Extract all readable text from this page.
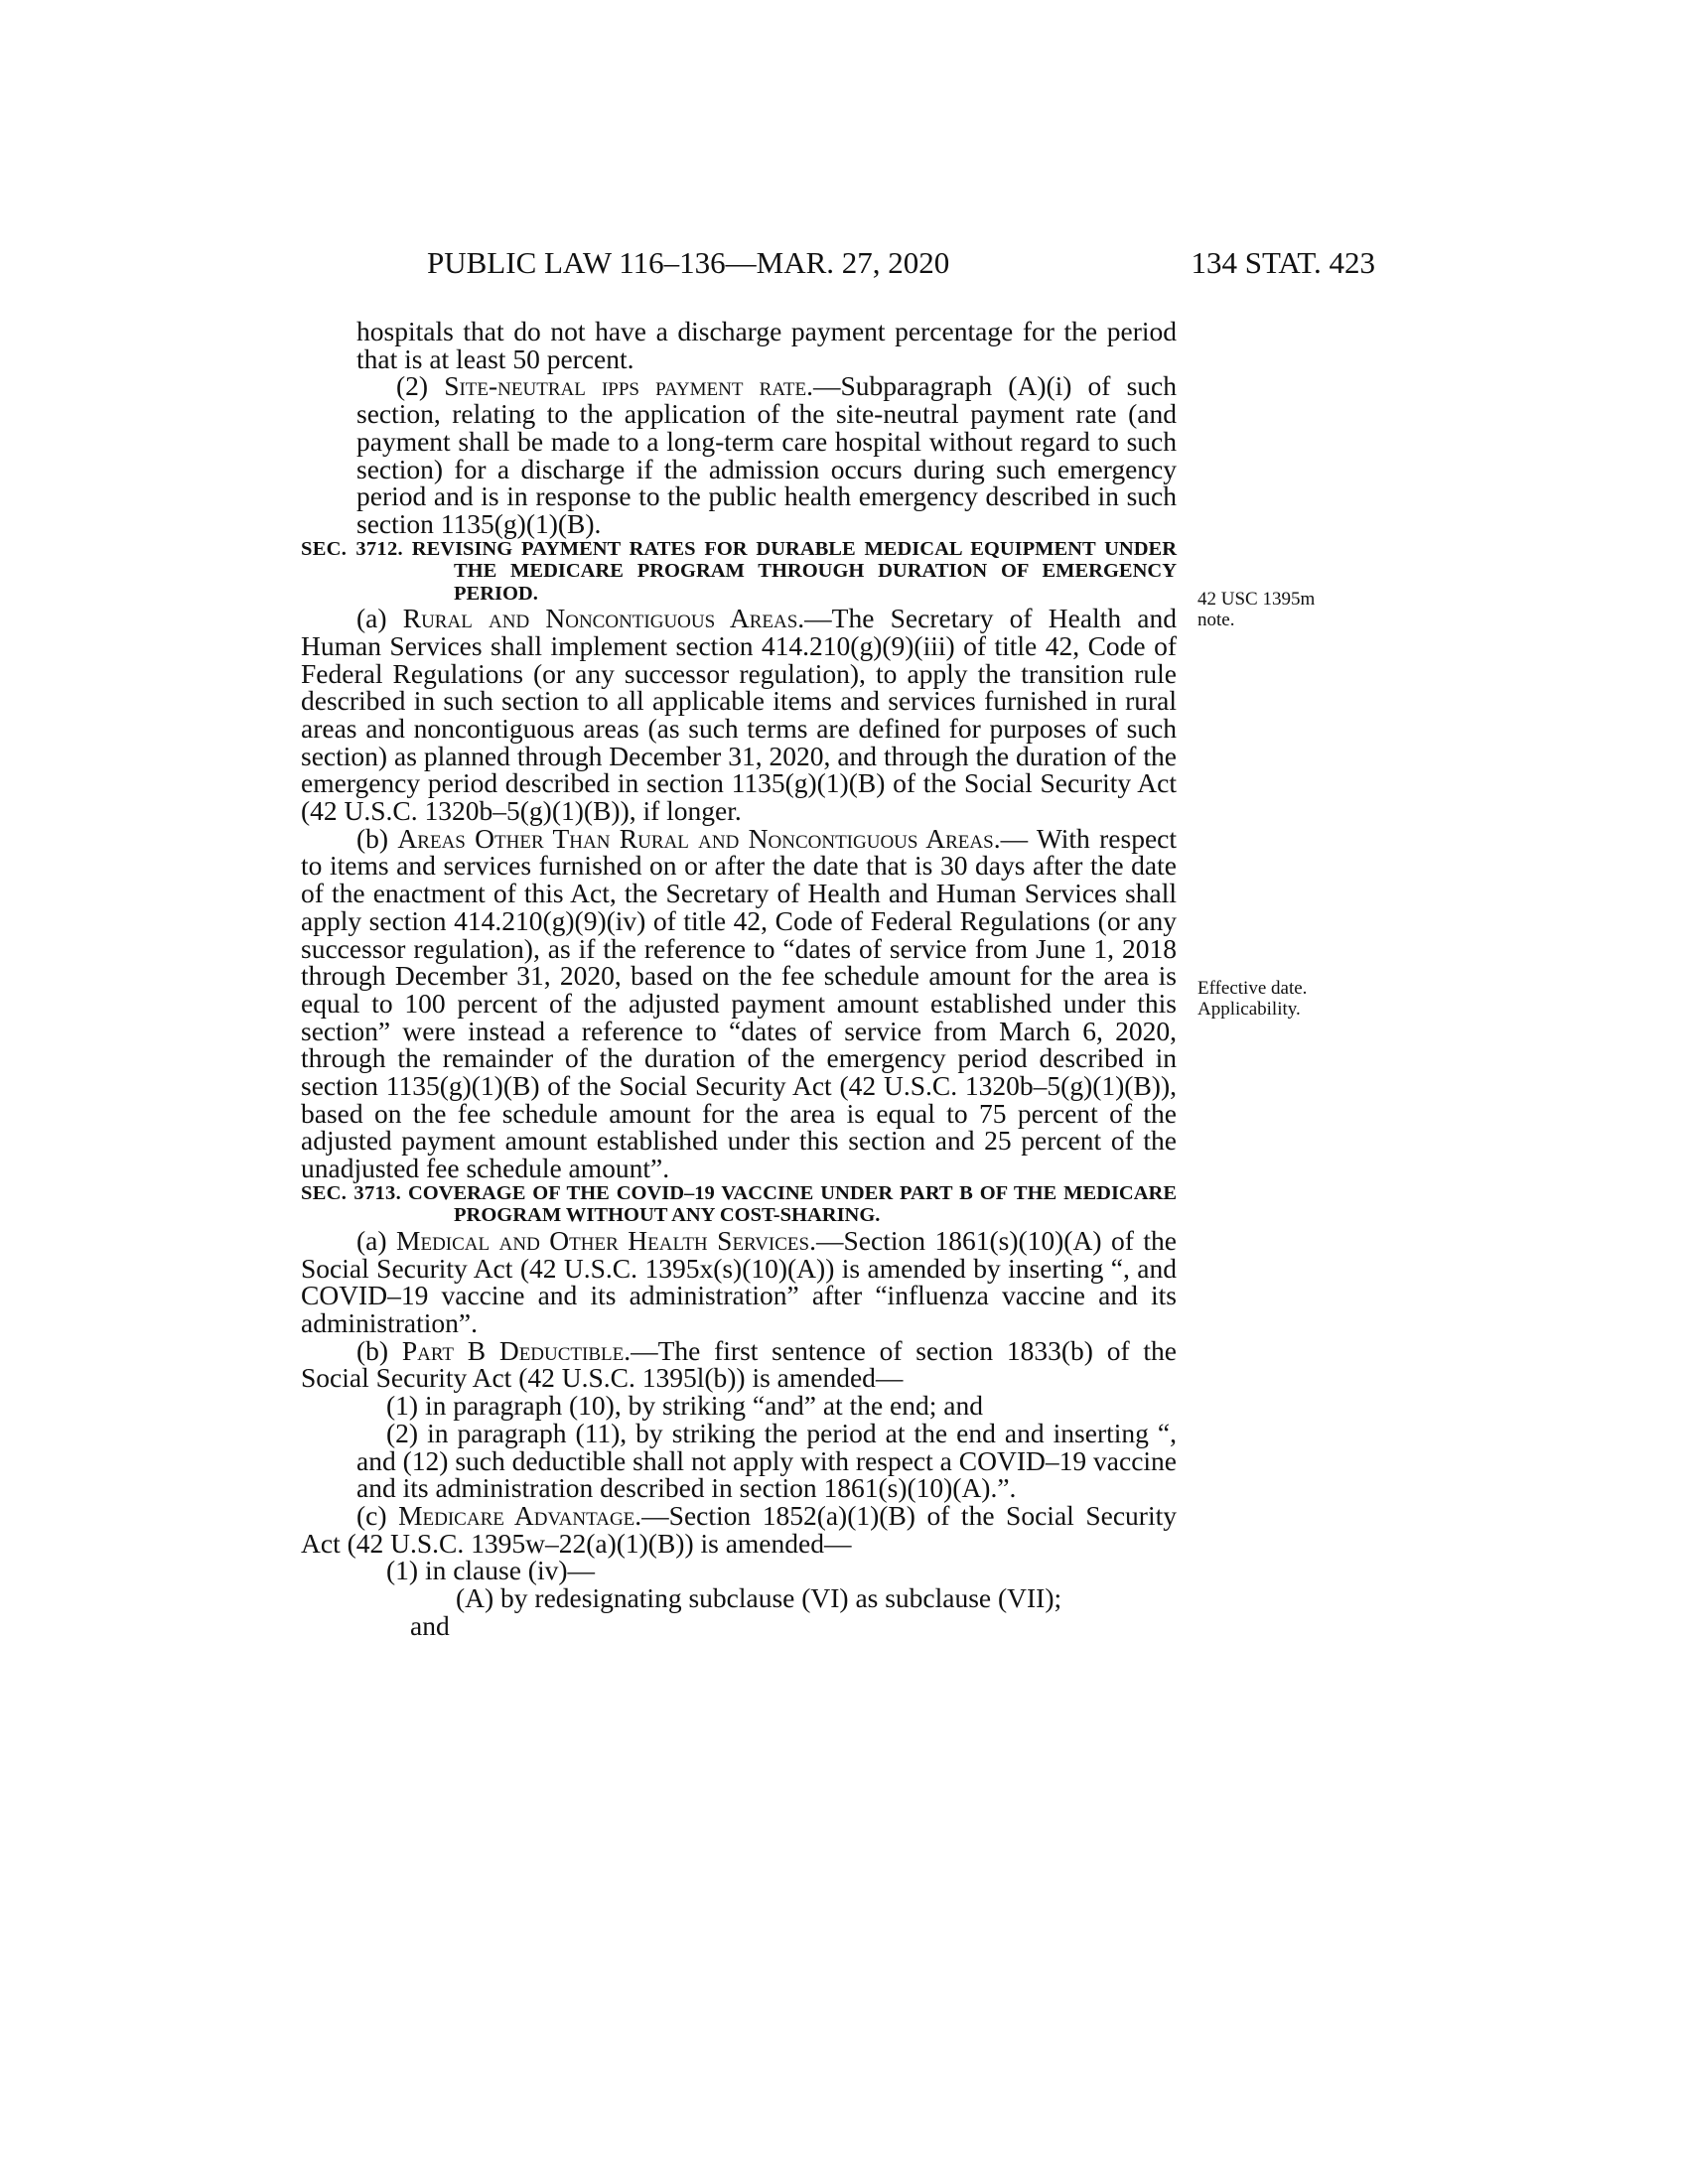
PUBLIC LAW 116–136—MAR. 27, 2020	134 STAT. 423
42 USC 1395m
note.
Effective date.
Applicability.

hospitals that do not have a discharge payment percentage for the period that is at least 50 percent.

(2) Site-neutral ipps payment rate.—Subparagraph (A)(i) of such section, relating to the application of the site-neutral payment rate (and payment shall be made to a long-term care hospital without regard to such section) for a discharge if the admission occurs during such emergency period and is in response to the public health emergency described in such section 1135(g)(1)(B).

SEC. 3712. REVISING PAYMENT RATES FOR DURABLE MEDICAL EQUIPMENT UNDER THE MEDICARE PROGRAM THROUGH DURATION OF EMERGENCY PERIOD.

(a) Rural and Noncontiguous Areas.—The Secretary of Health and Human Services shall implement section 414.210(g)(9)(iii) of title 42, Code of Federal Regulations (or any successor regulation), to apply the transition rule described in such section to all applicable items and services furnished in rural areas and noncontiguous areas (as such terms are defined for purposes of such section) as planned through December 31, 2020, and through the duration of the emergency period described in section 1135(g)(1)(B) of the Social Security Act (42 U.S.C. 1320b–5(g)(1)(B)), if longer.

(b) Areas Other Than Rural and Noncontiguous Areas.— With respect to items and services furnished on or after the date that is 30 days after the date of the enactment of this Act, the Secretary of Health and Human Services shall apply section 414.210(g)(9)(iv) of title 42, Code of Federal Regulations (or any successor regulation), as if the reference to “dates of service from June 1, 2018 through December 31, 2020, based on the fee schedule amount for the area is equal to 100 percent of the adjusted payment amount established under this section” were instead a reference to “dates of service from March 6, 2020, through the remainder of the duration of the emergency period described in section 1135(g)(1)(B) of the Social Security Act (42 U.S.C. 1320b–5(g)(1)(B)), based on the fee schedule amount for the area is equal to 75 percent of the adjusted payment amount established under this section and 25 percent of the unadjusted fee schedule amount”.

SEC. 3713. COVERAGE OF THE COVID–19 VACCINE UNDER PART B OF THE MEDICARE PROGRAM WITHOUT ANY COST-SHARING.

(a) Medical and Other Health Services.—Section 1861(s)(10)(A) of the Social Security Act (42 U.S.C. 1395x(s)(10)(A)) is amended by inserting “, and COVID–19 vaccine and its administration” after “influenza vaccine and its administration”.

(b) Part B Deductible.—The first sentence of section 1833(b) of the Social Security Act (42 U.S.C. 1395l(b)) is amended—

(1) in paragraph (10), by striking “and” at the end; and

(2) in paragraph (11), by striking the period at the end and inserting “, and (12) such deductible shall not apply with respect a COVID–19 vaccine and its administration described in section 1861(s)(10)(A).”.

(c) Medicare Advantage.—Section 1852(a)(1)(B) of the Social Security Act (42 U.S.C. 1395w–22(a)(1)(B)) is amended—

(1) in clause (iv)—

(A) by redesignating subclause (VI) as subclause (VII);

and
